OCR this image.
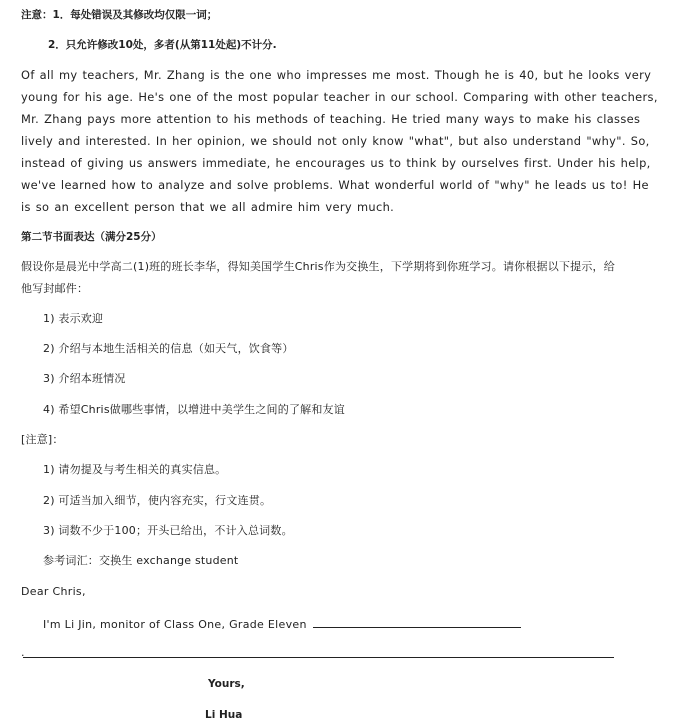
注意：1．每处错误及其修改均仅限一词；
2．只允许修改10处，多者(从第11处起)不计分.
Of all my teachers, Mr. Zhang is the one who impresses me most. Though he is 40, but he looks very
young for his age. He's one of the most popular teacher in our school. Comparing with other teachers,
Mr. Zhang pays more attention to his methods of teaching. He tried many ways to make his classes
lively and interested. In her opinion, we should not only know "what", but also understand "why". So,
instead of giving us answers immediate, he encourages us to think by ourselves first. Under his help,
we've learned how to analyze and solve problems. What wonderful world of "why" he leads us to! He
is so an excellent person that we all admire him very much.
第二节书面表达（满分25分）
假设你是晨光中学高二(1)班的班长李华，得知美国学生Chris作为交换生，下学期将到你班学习。请你根据以下提示，给
他写封邮件：
1) 表示欢迎
2) 介绍与本地生活相关的信息（如天气，饮食等）
3) 介绍本班情况
4) 希望Chris做哪些事情，以增进中美学生之间的了解和友谊
[注意]：
1) 请勿提及与考生相关的真实信息。
2) 可适当加入细节，使内容充实，行文连贯。
3) 词数不少于100；开头已给出，不计入总词数。
参考词汇：交换生 exchange student
Dear Chris,
I'm Li Jin, monitor of Class One, Grade Eleven
.
Yours,
Li Hua
